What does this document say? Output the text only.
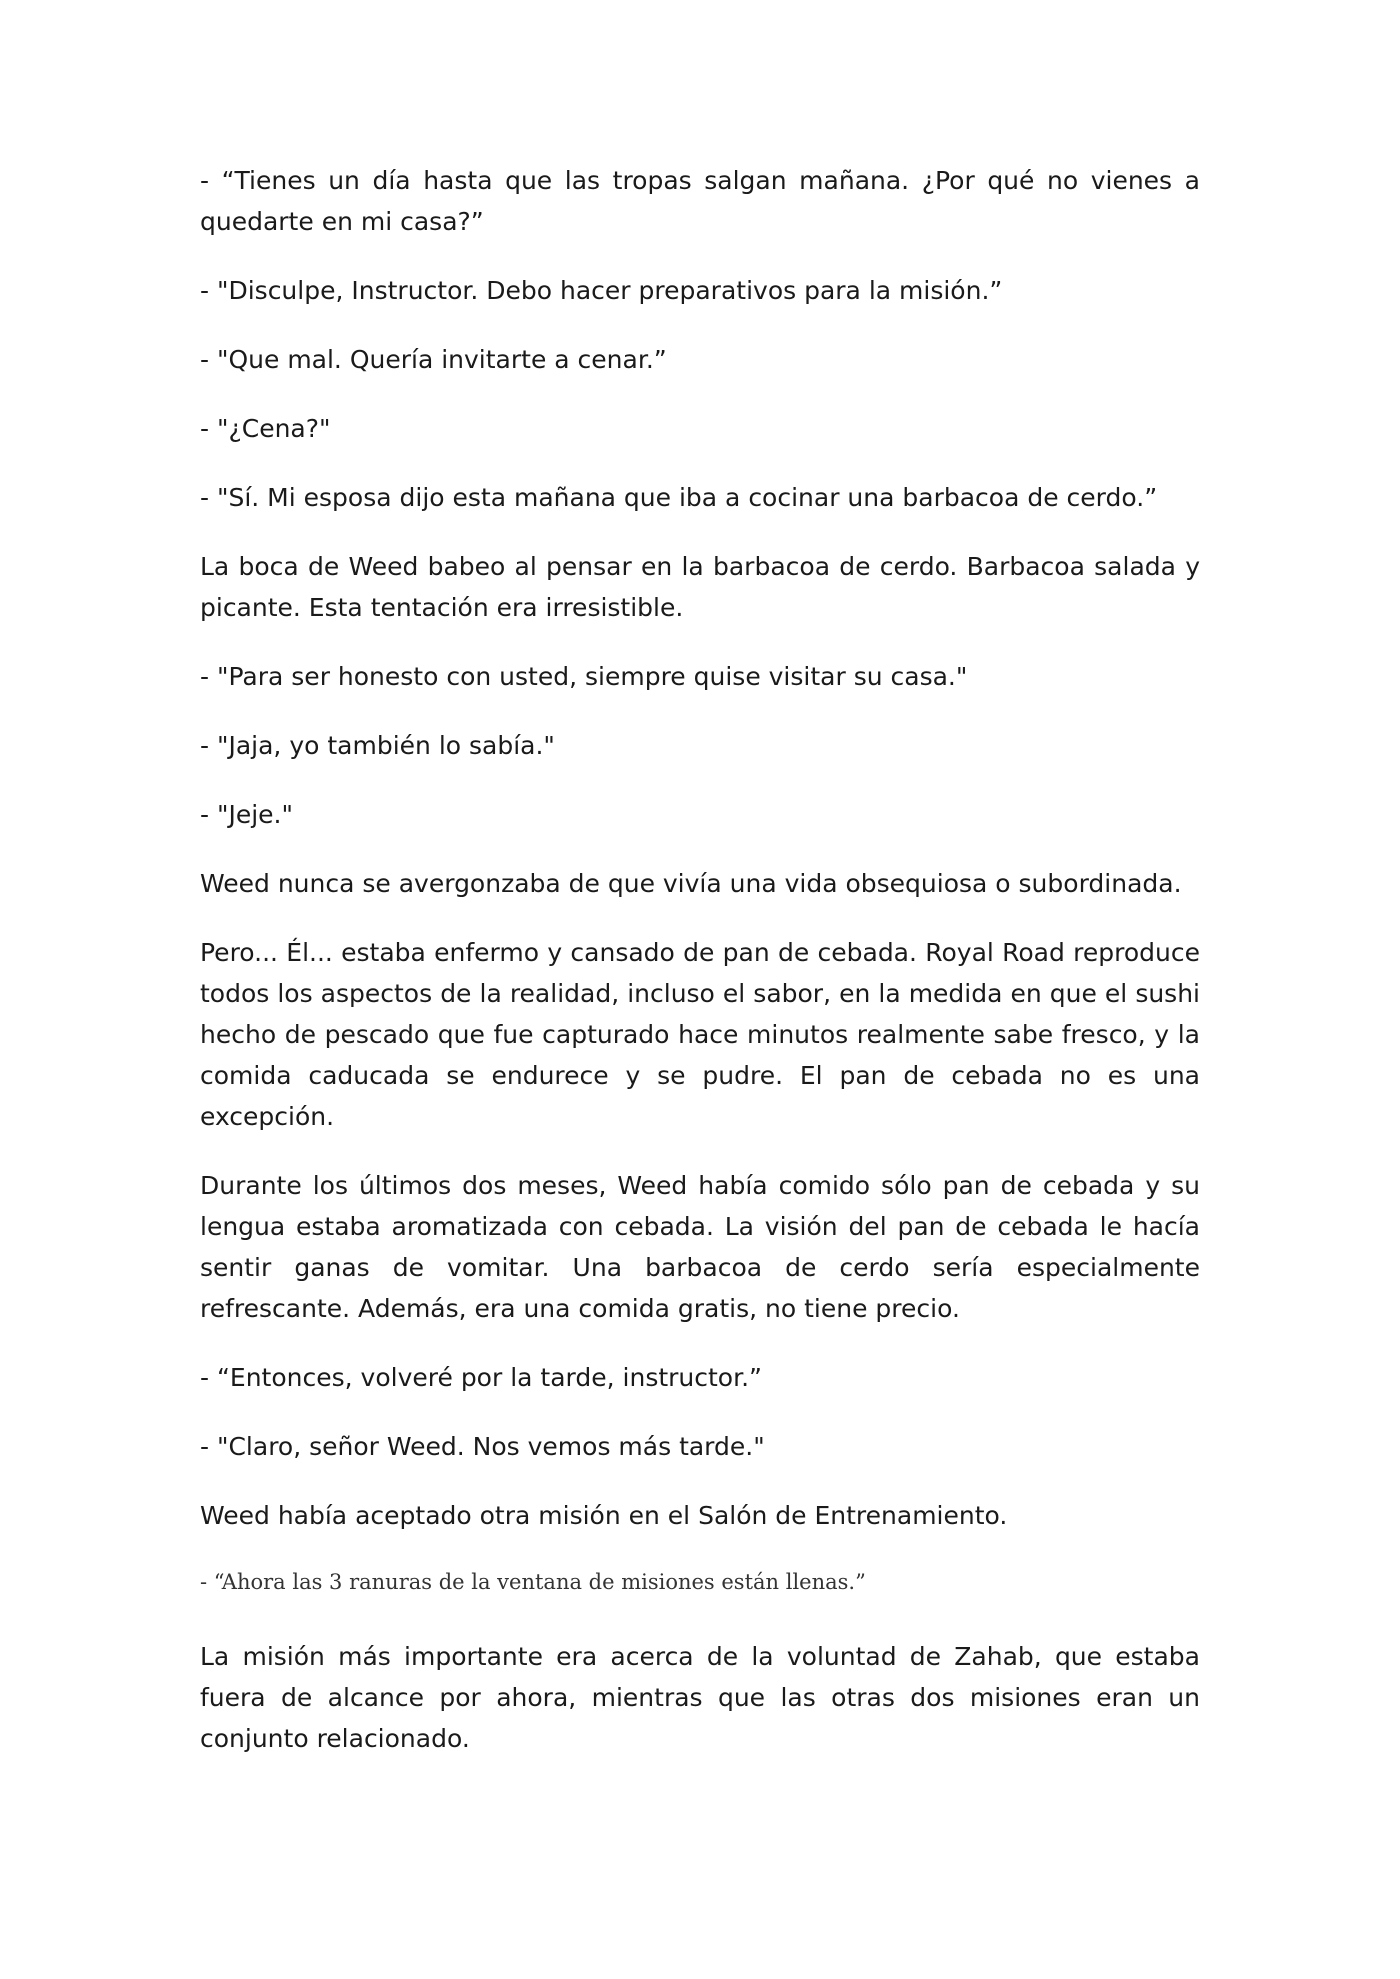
- “Tienes un día hasta que las tropas salgan mañana. ¿Por qué no vienes a quedarte en mi casa?”

- "Disculpe, Instructor. Debo hacer preparativos para la misión.”

- "Que mal. Quería invitarte a cenar.”

- "¿Cena?"

- "Sí. Mi esposa dijo esta mañana que iba a cocinar una barbacoa de cerdo.”

La boca de Weed babeo al pensar en la barbacoa de cerdo. Barbacoa salada y picante. Esta tentación era irresistible.

- "Para ser honesto con usted, siempre quise visitar su casa."

- "Jaja, yo también lo sabía."

- "Jeje."

Weed nunca se avergonzaba de que vivía una vida obsequiosa o subordinada.

Pero... Él... estaba enfermo y cansado de pan de cebada. Royal Road reproduce todos los aspectos de la realidad, incluso el sabor, en la medida en que el sushi hecho de pescado que fue capturado hace minutos realmente sabe fresco, y la comida caducada se endurece y se pudre. El pan de cebada no es una excepción.

Durante los últimos dos meses, Weed había comido sólo pan de cebada y su lengua estaba aromatizada con cebada. La visión del pan de cebada le hacía sentir ganas de vomitar. Una barbacoa de cerdo sería especialmente refrescante. Además, era una comida gratis, no tiene precio.

- “Entonces, volveré por la tarde, instructor.”

- "Claro, señor Weed. Nos vemos más tarde."

Weed había aceptado otra misión en el Salón de Entrenamiento.

- “Ahora las 3 ranuras de la ventana de misiones están llenas.”

La misión más importante era acerca de la voluntad de Zahab, que estaba fuera de alcance por ahora, mientras que las otras dos misiones eran un conjunto relacionado.
